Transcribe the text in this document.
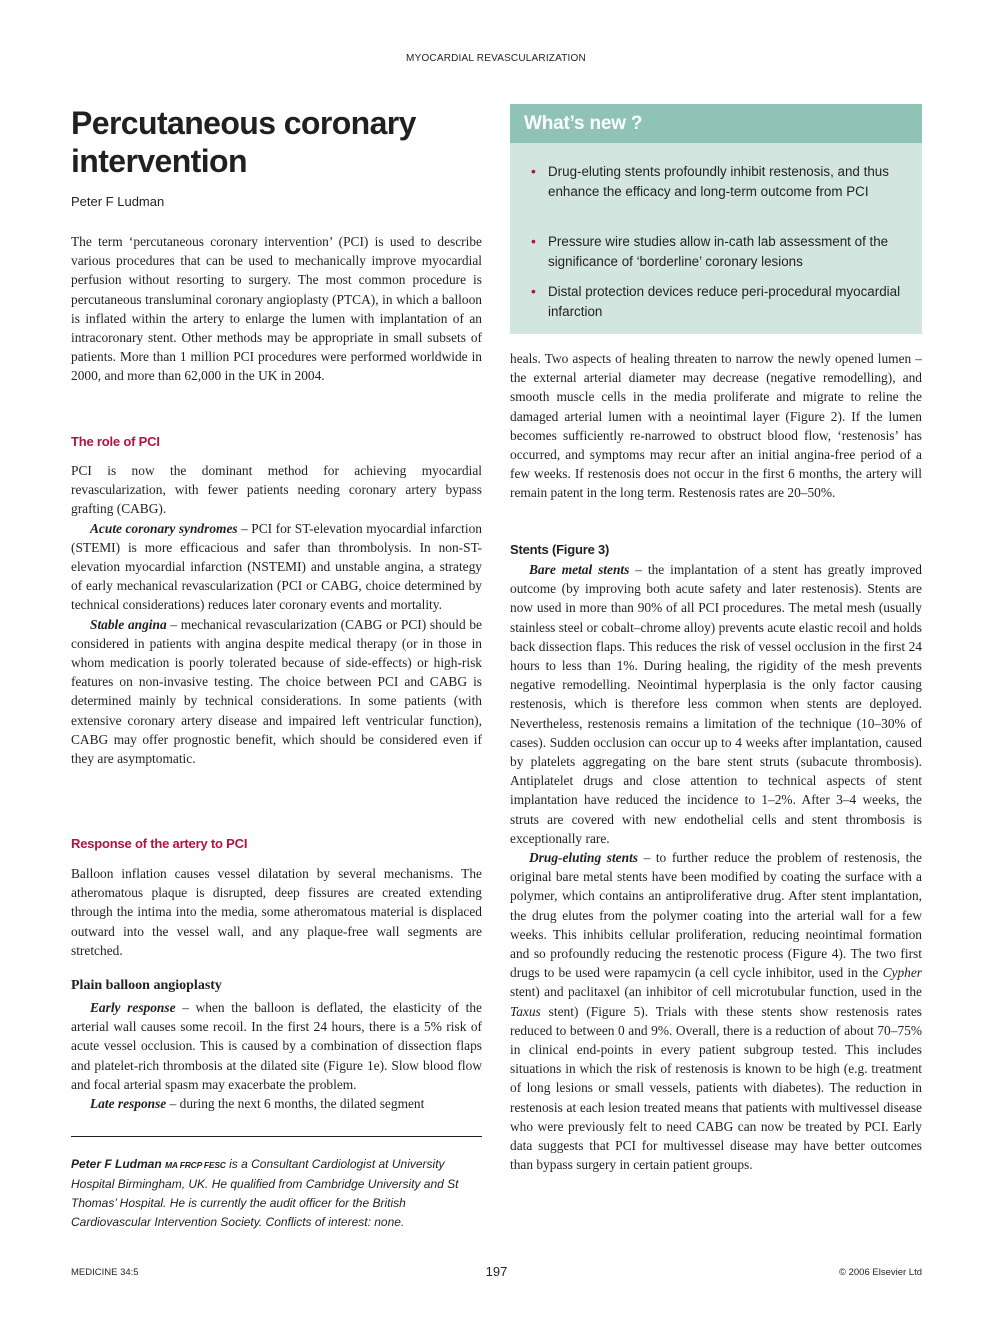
MYOCARDIAL REVASCULARIZATION
Percutaneous coronary intervention
Peter F Ludman

The term ‘percutaneous coronary intervention’ (PCI) is used to describe various procedures that can be used to mechanically improve myocardial perfusion without resorting to surgery. The most common procedure is percutaneous transluminal coronary angioplasty (PTCA), in which a balloon is inflated within the artery to enlarge the lumen with implantation of an intracoronary stent. Other methods may be appropriate in small subsets of patients. More than 1 million PCI procedures were performed worldwide in 2000, and more than 62,000 in the UK in 2004.

The role of PCI

PCI is now the dominant method for achieving myocardial revascularization, with fewer patients needing coronary artery bypass grafting (CABG).

Acute coronary syndromes – PCI for ST-elevation myocardial infarction (STEMI) is more efficacious and safer than thrombolysis. In non-ST-elevation myocardial infarction (NSTEMI) and unstable angina, a strategy of early mechanical revascularization (PCI or CABG, choice determined by technical considerations) reduces later coronary events and mortality.

Stable angina – mechanical revascularization (CABG or PCI) should be considered in patients with angina despite medical therapy (or in those in whom medication is poorly tolerated because of side-effects) or high-risk features on non-invasive testing. The choice between PCI and CABG is determined mainly by technical considerations. In some patients (with extensive coronary artery disease and impaired left ventricular function), CABG may offer prognostic benefit, which should be considered even if they are asymptomatic.

Response of the artery to PCI

Balloon inflation causes vessel dilatation by several mechanisms. The atheromatous plaque is disrupted, deep fissures are created extending through the intima into the media, some atheromatous material is displaced outward into the vessel wall, and any plaque-free wall segments are stretched.

Plain balloon angioplasty

Early response – when the balloon is deflated, the elasticity of the arterial wall causes some recoil. In the first 24 hours, there is a 5% risk of acute vessel occlusion. This is caused by a combination of dissection flaps and platelet-rich thrombosis at the dilated site (Figure 1e). Slow blood flow and focal arterial spasm may exacerbate the problem.

Late response – during the next 6 months, the dilated segment

Peter F Ludman MA FRCP FESC is a Consultant Cardiologist at University Hospital Birmingham, UK. He qualified from Cambridge University and St Thomas’ Hospital. He is currently the audit officer for the British Cardiovascular Intervention Society. Conflicts of interest: none.

What’s new ?
• Drug-eluting stents profoundly inhibit restenosis, and thus enhance the efficacy and long-term outcome from PCI
• Pressure wire studies allow in-cath lab assessment of the significance of ‘borderline’ coronary lesions
• Distal protection devices reduce peri-procedural myocardial infarction

heals. Two aspects of healing threaten to narrow the newly opened lumen – the external arterial diameter may decrease (negative remodelling), and smooth muscle cells in the media proliferate and migrate to reline the damaged arterial lumen with a neointimal layer (Figure 2). If the lumen becomes sufficiently re-narrowed to obstruct blood flow, ‘restenosis’ has occurred, and symptoms may recur after an initial angina-free period of a few weeks. If restenosis does not occur in the first 6 months, the artery will remain patent in the long term. Restenosis rates are 20–50%.

Stents (Figure 3)

Bare metal stents – the implantation of a stent has greatly improved outcome (by improving both acute safety and later restenosis). Stents are now used in more than 90% of all PCI procedures. The metal mesh (usually stainless steel or cobalt–chrome alloy) prevents acute elastic recoil and holds back dissection flaps. This reduces the risk of vessel occlusion in the first 24 hours to less than 1%. During healing, the rigidity of the mesh prevents negative remodelling. Neointimal hyperplasia is the only factor causing restenosis, which is therefore less common when stents are deployed. Nevertheless, restenosis remains a limitation of the technique (10–30% of cases). Sudden occlusion can occur up to 4 weeks after implantation, caused by platelets aggregating on the bare stent struts (subacute thrombosis). Antiplatelet drugs and close attention to technical aspects of stent implantation have reduced the incidence to 1–2%. After 3–4 weeks, the struts are covered with new endothelial cells and stent thrombosis is exceptionally rare.

Drug-eluting stents – to further reduce the problem of restenosis, the original bare metal stents have been modified by coating the surface with a polymer, which contains an antiproliferative drug. After stent implantation, the drug elutes from the polymer coating into the arterial wall for a few weeks. This inhibits cellular proliferation, reducing neointimal formation and so profoundly reducing the restenotic process (Figure 4). The two first drugs to be used were rapamycin (a cell cycle inhibitor, used in the Cypher stent) and paclitaxel (an inhibitor of cell microtubular function, used in the Taxus stent) (Figure 5). Trials with these stents show restenosis rates reduced to between 0 and 9%. Overall, there is a reduction of about 70–75% in clinical end-points in every patient subgroup tested. This includes situations in which the risk of restenosis is known to be high (e.g. treatment of long lesions or small vessels, patients with diabetes). The reduction in restenosis at each lesion treated means that patients with multivessel disease who were previously felt to need CABG can now be treated by PCI. Early data suggests that PCI for multivessel disease may have better outcomes than bypass surgery in certain patient groups.

MEDICINE 34:5	197	© 2006 Elsevier Ltd
